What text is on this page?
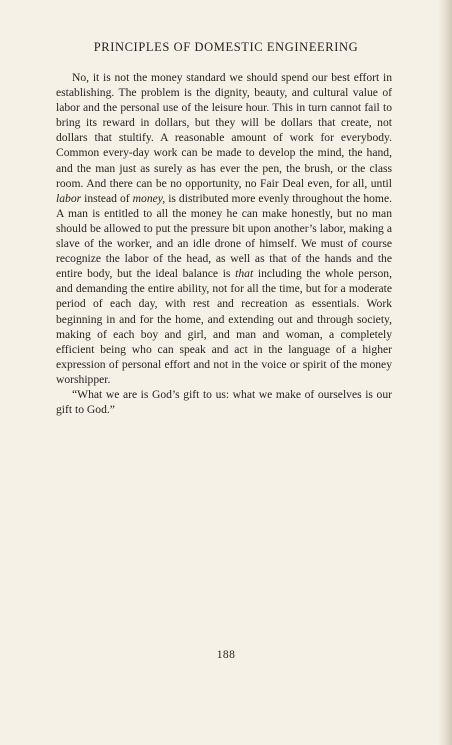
PRINCIPLES OF DOMESTIC ENGINEERING

No, it is not the money standard we should spend our best effort in establishing. The problem is the dignity, beauty, and cultural value of labor and the personal use of the leisure hour. This in turn cannot fail to bring its reward in dollars, but they will be dollars that create, not dollars that stultify. A reasonable amount of work for everybody. Common every-day work can be made to develop the mind, the hand, and the man just as surely as has ever the pen, the brush, or the class room. And there can be no opportunity, no Fair Deal even, for all, until labor instead of money, is distributed more evenly throughout the home. A man is entitled to all the money he can make honestly, but no man should be allowed to put the pressure bit upon another’s labor, making a slave of the worker, and an idle drone of himself. We must of course recognize the labor of the head, as well as that of the hands and the entire body, but the ideal balance is that including the whole person, and demanding the entire ability, not for all the time, but for a moderate period of each day, with rest and recreation as essentials. Work beginning in and for the home, and extending out and through society, making of each boy and girl, and man and woman, a completely efficient being who can speak and act in the language of a higher expression of personal effort and not in the voice or spirit of the money worshipper.

“What we are is God’s gift to us: what we make of ourselves is our gift to God.”

188
